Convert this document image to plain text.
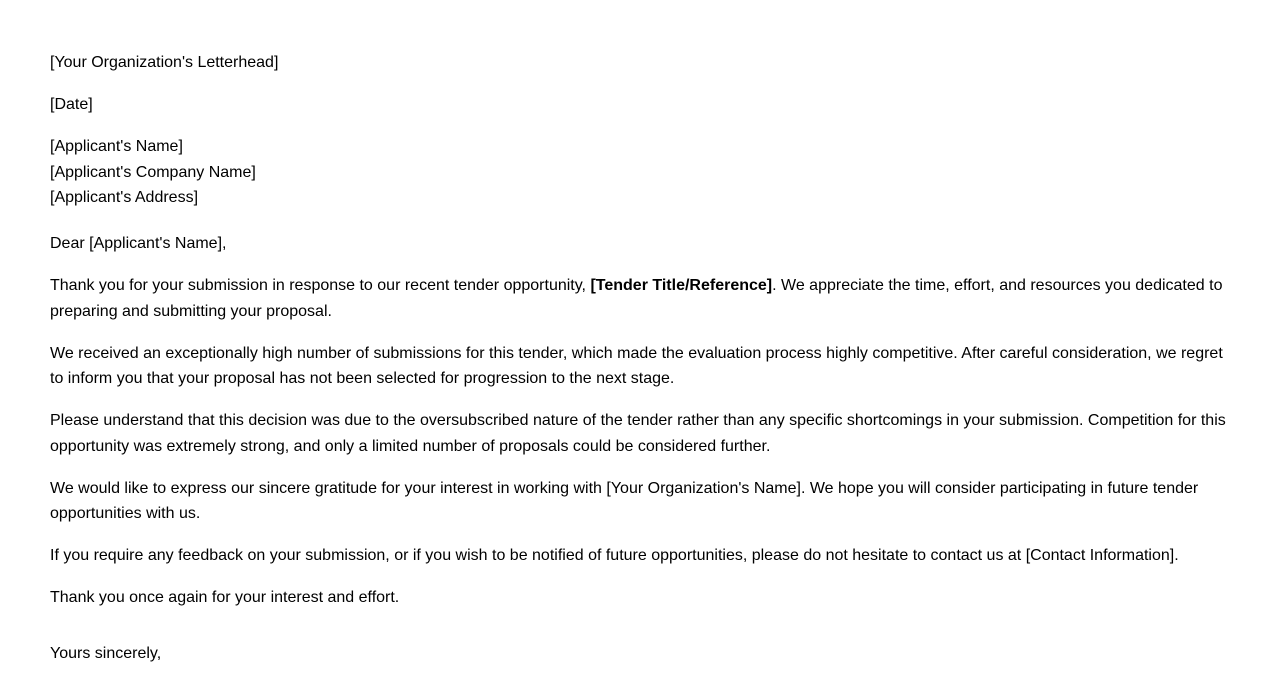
[Your Organization's Letterhead]

[Date]

[Applicant's Name]
[Applicant's Company Name]
[Applicant's Address]

Dear [Applicant's Name],

Thank you for your submission in response to our recent tender opportunity, [Tender Title/Reference]. We appreciate the time, effort, and resources you dedicated to preparing and submitting your proposal.

We received an exceptionally high number of submissions for this tender, which made the evaluation process highly competitive. After careful consideration, we regret to inform you that your proposal has not been selected for progression to the next stage.

Please understand that this decision was due to the oversubscribed nature of the tender rather than any specific shortcomings in your submission. Competition for this opportunity was extremely strong, and only a limited number of proposals could be considered further.

We would like to express our sincere gratitude for your interest in working with [Your Organization's Name]. We hope you will consider participating in future tender opportunities with us.

If you require any feedback on your submission, or if you wish to be notified of future opportunities, please do not hesitate to contact us at [Contact Information].

Thank you once again for your interest and effort.

Yours sincerely,
